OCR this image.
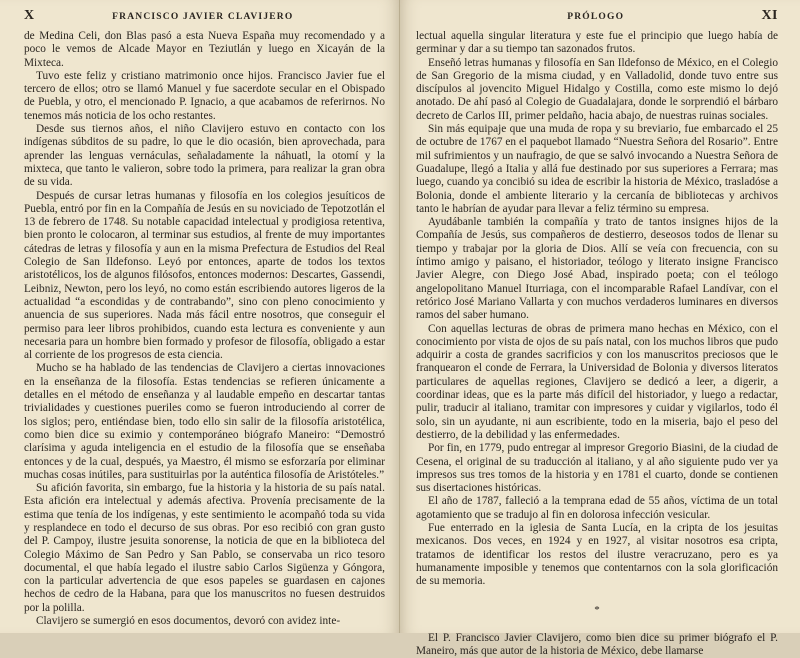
X	FRANCISCO JAVIER CLAVIJERO

de Medina Celi, don Blas pasó a esta Nueva España muy recomendado y a poco le vemos de Alcade Mayor en Teziutlán y luego en Xicayán de la Mixteca.

Tuvo este feliz y cristiano matrimonio once hijos. Francisco Javier fue el tercero de ellos; otro se llamó Manuel y fue sacerdote secular en el Obispado de Puebla, y otro, el mencionado P. Ignacio, a que acabamos de referirnos. No tenemos más noticia de los ocho restantes.

Desde sus tiernos años, el niño Clavijero estuvo en contacto con los indígenas súbditos de su padre, lo que le dio ocasión, bien aprovechada, para aprender las lenguas vernáculas, señaladamente la náhuatl, la otomí y la mixteca, que tanto le valieron, sobre todo la primera, para realizar la gran obra de su vida.

Después de cursar letras humanas y filosofía en los colegios jesuíticos de Puebla, entró por fin en la Compañía de Jesús en su noviciado de Tepotzotlán el 13 de febrero de 1748. Su notable capacidad intelectual y prodigiosa retentiva, bien pronto le colocaron, al terminar sus estudios, al frente de muy importantes cátedras de letras y filosofía y aun en la misma Prefectura de Estudios del Real Colegio de San Ildefonso. Leyó por entonces, aparte de todos los textos aristotélicos, los de algunos filósofos, entonces modernos: Descartes, Gassendi, Leibniz, Newton, pero los leyó, no como están escribiendo autores ligeros de la actualidad “a escondidas y de contrabando”, sino con pleno conocimiento y anuencia de sus superiores. Nada más fácil entre nosotros, que conseguir el permiso para leer libros prohibidos, cuando esta lectura es conveniente y aun necesaria para un hombre bien formado y profesor de filosofía, obligado a estar al corriente de los progresos de esta ciencia.

Mucho se ha hablado de las tendencias de Clavijero a ciertas innovaciones en la enseñanza de la filosofía. Estas tendencias se refieren únicamente a detalles en el método de enseñanza y al laudable empeño en descartar tantas trivialidades y cuestiones pueriles como se fueron introduciendo al correr de los siglos; pero, entiéndase bien, todo ello sin salir de la filosofía aristotélica, como bien dice su eximio y contemporáneo biógrafo Maneiro: “Demostró clarísima y aguda inteligencia en el estudio de la filosofía que se enseñaba entonces y de la cual, después, ya Maestro, él mismo se esforzaría por eliminar muchas cosas inútiles, para sustituirlas por la auténtica filosofía de Aristóteles.”

Su afición favorita, sin embargo, fue la historia y la historia de su país natal. Esta afición era intelectual y además afectiva. Provenía precisamente de la estima que tenía de los indígenas, y este sentimiento le acompañó toda su vida y resplandece en todo el decurso de sus obras. Por eso recibió con gran gusto del P. Campoy, ilustre jesuita sonorense, la noticia de que en la biblioteca del Colegio Máximo de San Pedro y San Pablo, se conservaba un rico tesoro documental, el que había legado el ilustre sabio Carlos Sigüenza y Góngora, con la particular advertencia de que esos papeles se guardasen en cajones hechos de cedro de la Habana, para que los manuscritos no fuesen destruidos por la polilla.

Clavijero se sumergió en esos documentos, devoró con avidez inte-

PRÓLOGO	XI

lectual aquella singular literatura y este fue el principio que luego había de germinar y dar a su tiempo tan sazonados frutos.

Enseñó letras humanas y filosofía en San Ildefonso de México, en el Colegio de San Gregorio de la misma ciudad, y en Valladolid, donde tuvo entre sus discípulos al jovencito Miguel Hidalgo y Costilla, como este mismo lo dejó anotado. De ahí pasó al Colegio de Guadalajara, donde le sorprendió el bárbaro decreto de Carlos III, primer peldaño, hacia abajo, de nuestras ruinas sociales.

Sin más equipaje que una muda de ropa y su breviario, fue embarcado el 25 de octubre de 1767 en el paquebot llamado “Nuestra Señora del Rosario”. Entre mil sufrimientos y un naufragio, de que se salvó invocando a Nuestra Señora de Guadalupe, llegó a Italia y allá fue destinado por sus superiores a Ferrara; mas luego, cuando ya concibió su idea de escribir la historia de México, trasladóse a Bolonia, donde el ambiente literario y la cercanía de bibliotecas y archivos tanto le habrían de ayudar para llevar a feliz término su empresa.

Ayudábanle también la compañía y trato de tantos insignes hijos de la Compañía de Jesús, sus compañeros de destierro, deseosos todos de llenar su tiempo y trabajar por la gloria de Dios. Allí se veía con frecuencia, con su íntimo amigo y paisano, el historiador, teólogo y literato insigne Francisco Javier Alegre, con Diego José Abad, inspirado poeta; con el teólogo angelopolitano Manuel Iturriaga, con el incomparable Rafael Landívar, con el retórico José Mariano Vallarta y con muchos verdaderos luminares en diversos ramos del saber humano.

Con aquellas lecturas de obras de primera mano hechas en México, con el conocimiento por vista de ojos de su país natal, con los muchos libros que pudo adquirir a costa de grandes sacrificios y con los manuscritos preciosos que le franquearon el conde de Ferrara, la Universidad de Bolonia y diversos literatos particulares de aquellas regiones, Clavijero se dedicó a leer, a digerir, a coordinar ideas, que es la parte más difícil del historiador, y luego a redactar, pulir, traducir al italiano, tramitar con impresores y cuidar y vigilarlos, todo él solo, sin un ayudante, ni aun escribiente, todo en la miseria, bajo el peso del destierro, de la debilidad y las enfermedades.

Por fin, en 1779, pudo entregar al impresor Gregorio Biasini, de la ciudad de Cesena, el original de su traducción al italiano, y al año siguiente pudo ver ya impresos sus tres tomos de la historia y en 1781 el cuarto, donde se contienen sus disertaciones históricas.

El año de 1787, falleció a la temprana edad de 55 años, víctima de un total agotamiento que se tradujo al fin en dolorosa infección vesicular.

Fue enterrado en la iglesia de Santa Lucía, en la cripta de los jesuitas mexicanos. Dos veces, en 1924 y en 1927, al visitar nosotros esa cripta, tratamos de identificar los restos del ilustre veracruzano, pero es ya humanamente imposible y tenemos que contentarnos con la sola glorificación de su memoria.

*

El P. Francisco Javier Clavijero, como bien dice su primer biógrafo el P. Maneiro, más que autor de la historia de México, debe llamarse
